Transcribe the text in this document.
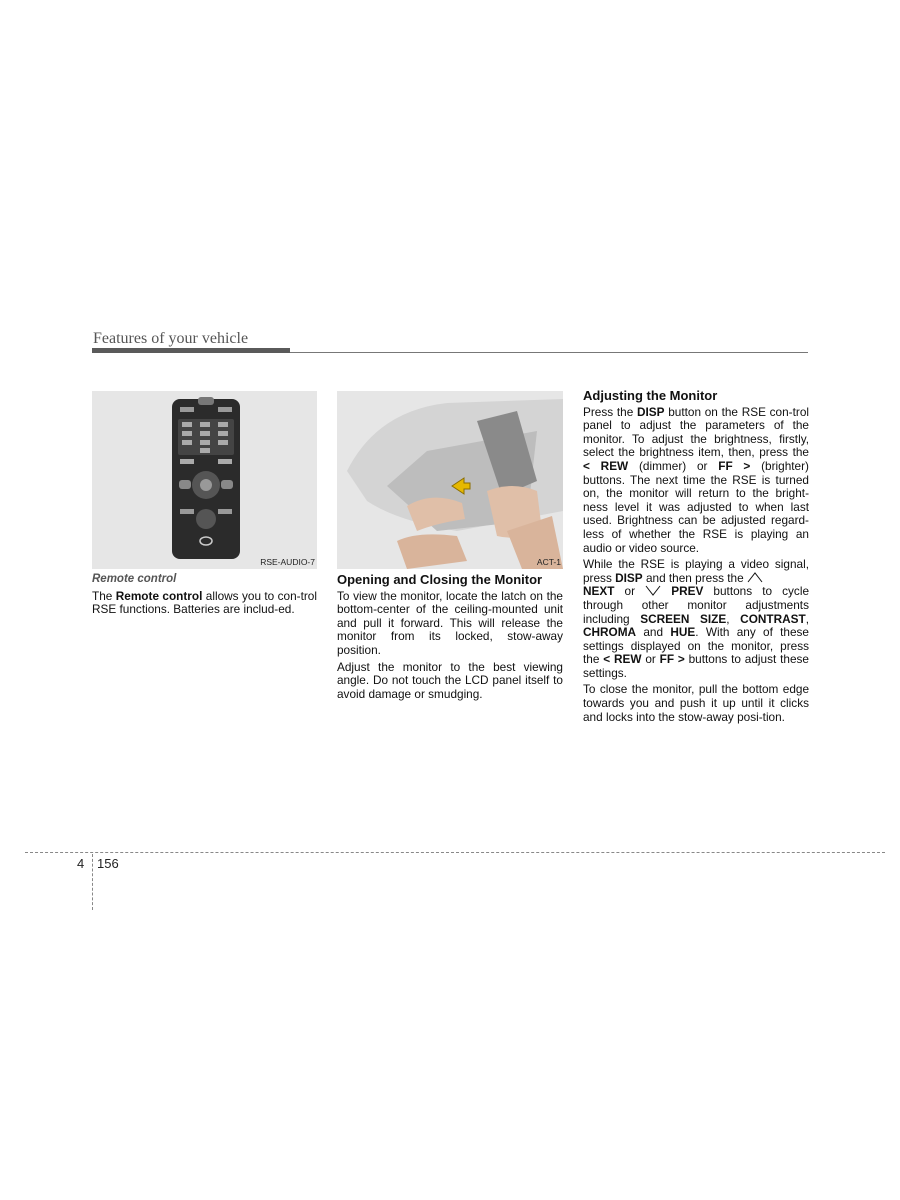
Features of your vehicle
RSE-AUDIO-7

Remote control

The Remote control allows you to con-trol RSE functions. Batteries are includ-ed.

ACT-1

Opening and Closing the Monitor

To view the monitor, locate the latch on the bottom-center of the ceiling-mounted unit and pull it forward. This will release the monitor from its locked, stow-away position.

Adjust the monitor to the best viewing angle. Do not touch the LCD panel itself to avoid damage or smudging.

Adjusting the Monitor

Press the DISP button on the RSE con-trol panel to adjust the parameters of the monitor. To adjust the brightness, firstly, select the brightness item, then, press the < REW (dimmer) or FF > (brighter) buttons. The next time the RSE is turned on, the monitor will return to the bright-ness level it was adjusted to when last used. Brightness can be adjusted regard-less of whether the RSE is playing an audio or video source.

While the RSE is playing a video signal, press DISP and then press the
NEXT or  PREV buttons to cycle through other monitor adjustments including SCREEN SIZE, CONTRAST, CHROMA and HUE. With any of these settings displayed on the monitor, press the < REW or FF > buttons to adjust these settings.

To close the monitor, pull the bottom edge towards you and push it up until it clicks and locks into the stow-away posi-tion.

4 156
